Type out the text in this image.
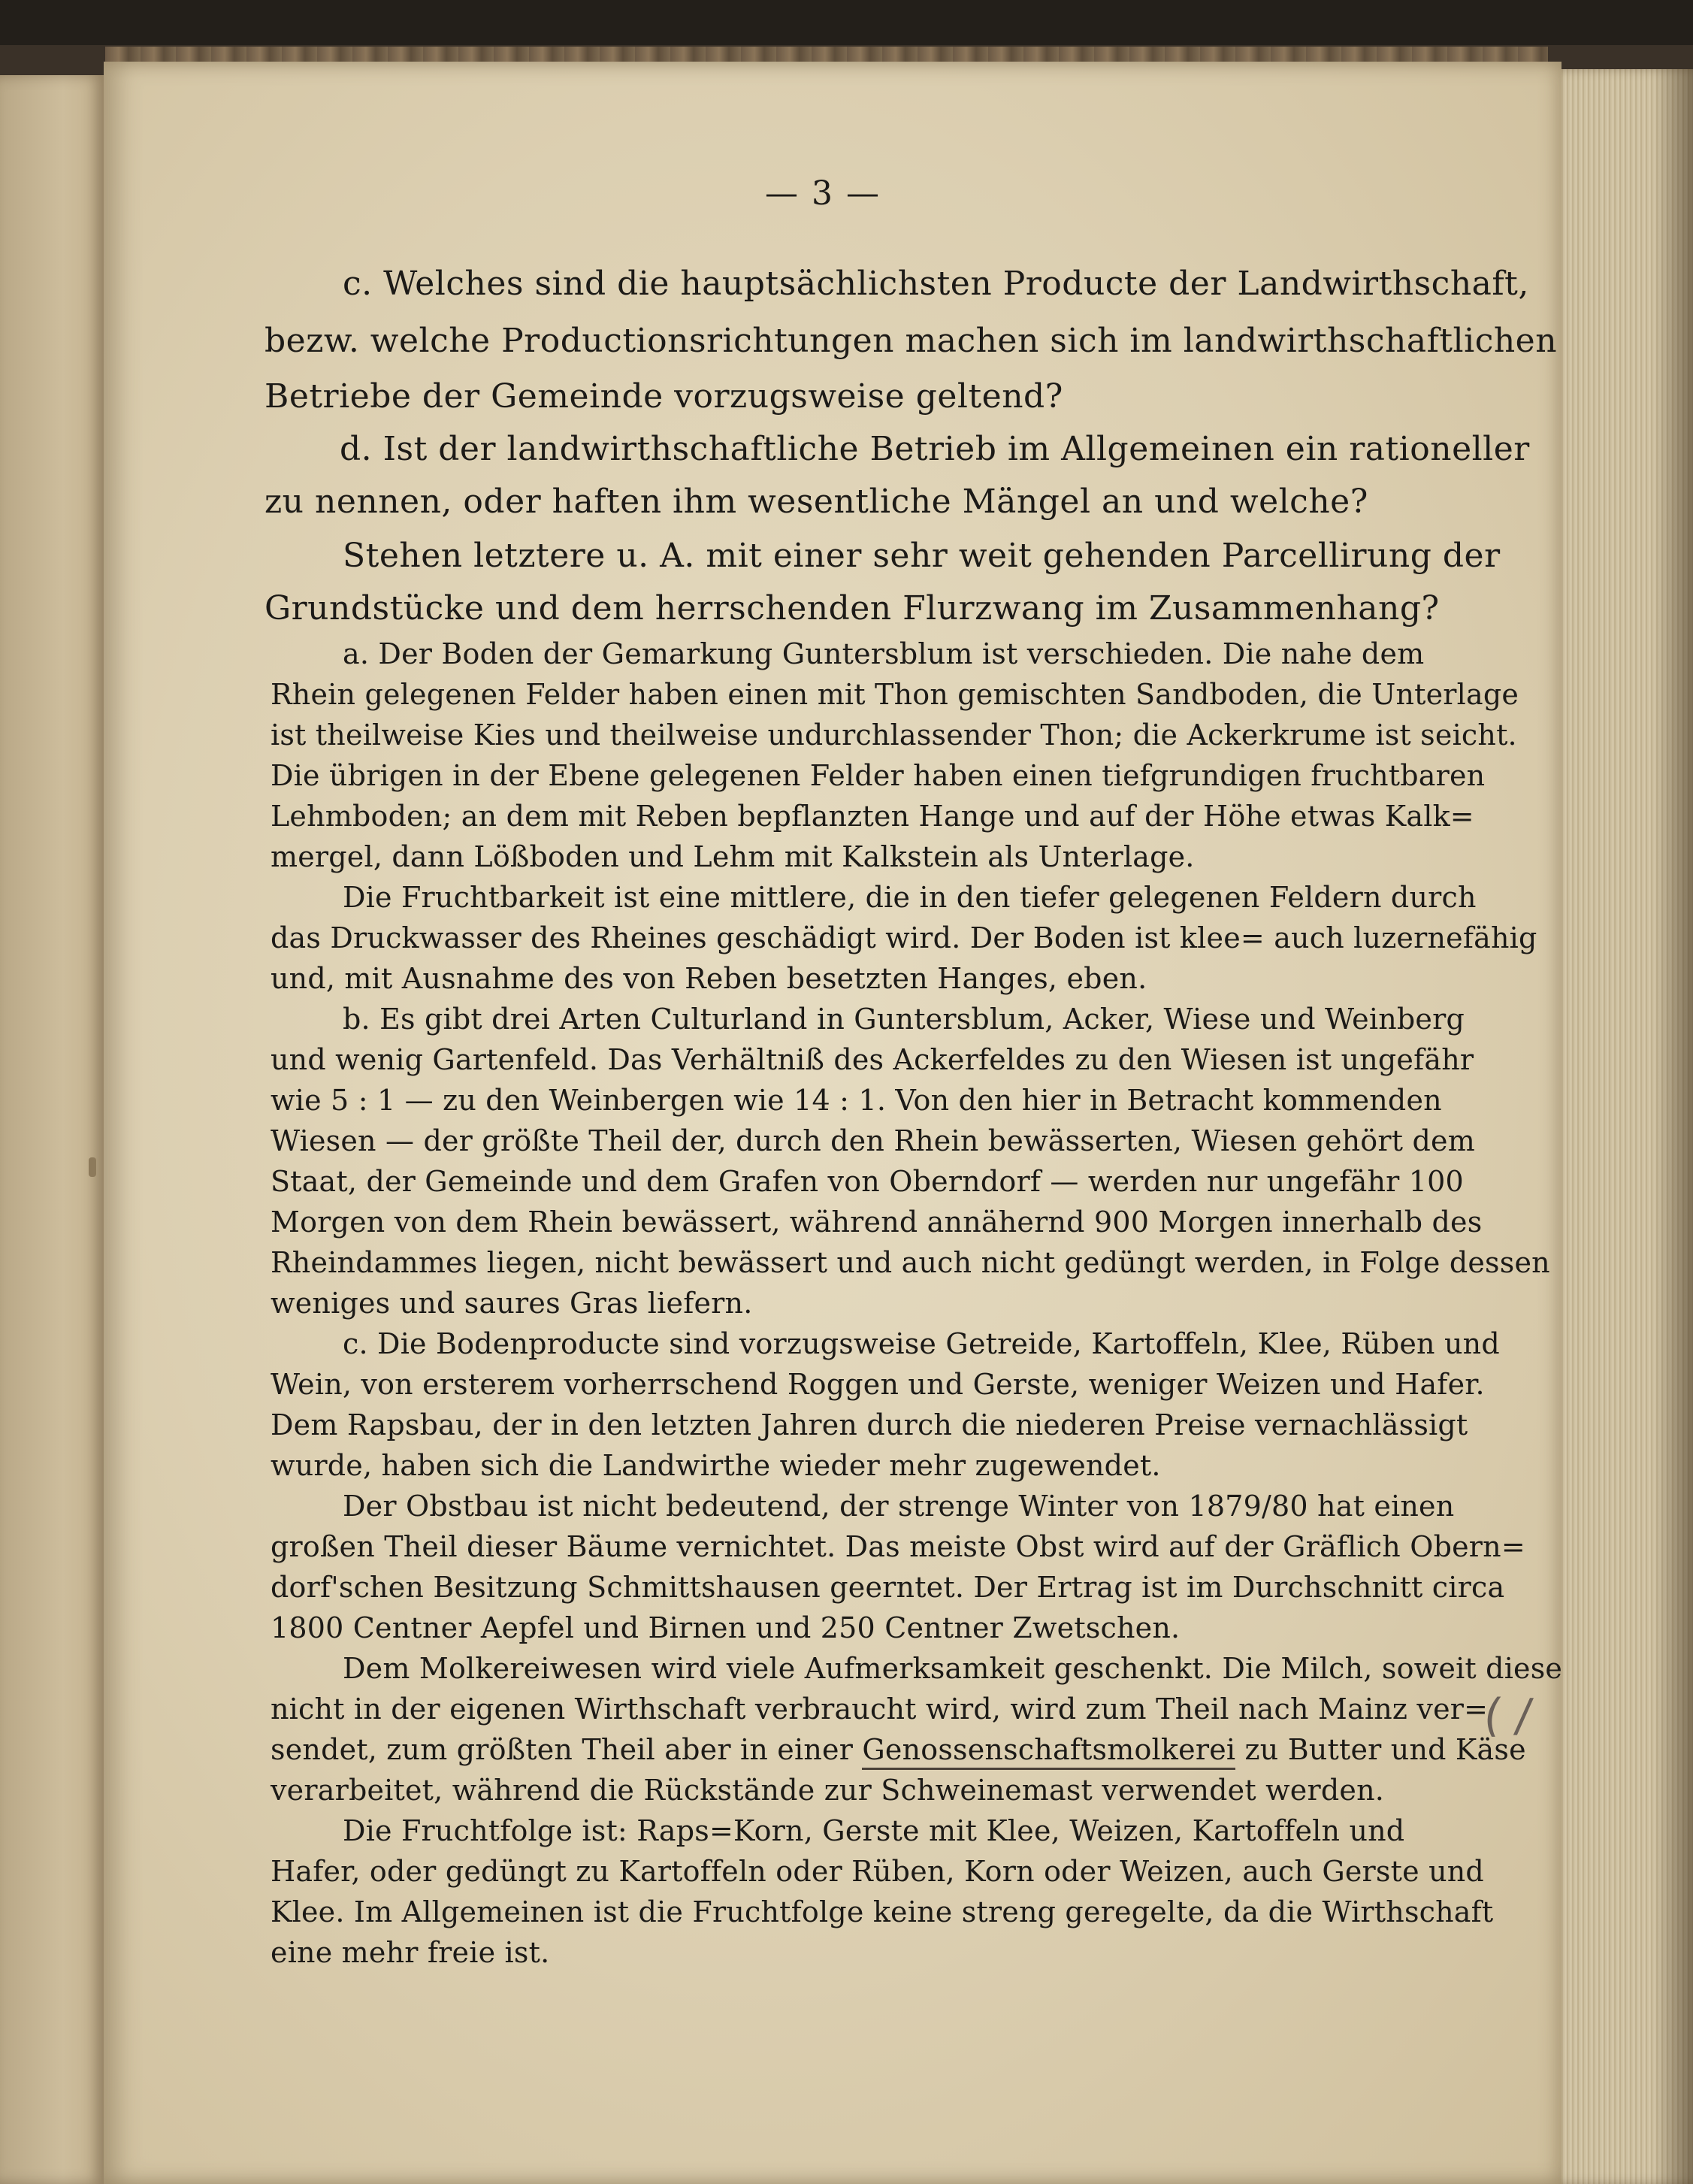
— 3 —

c. Welches sind die hauptsächlichsten Producte der Landwirthschaft,

bezw. welche Productionsrichtungen machen sich im landwirthschaftlichen

Betriebe der Gemeinde vorzugsweise geltend?

d. Ist der landwirthschaftliche Betrieb im Allgemeinen ein rationeller

zu nennen, oder haften ihm wesentliche Mängel an und welche?

Stehen letztere u. A. mit einer sehr weit gehenden Parcellirung der

Grundstücke und dem herrschenden Flurzwang im Zusammenhang?

a. Der Boden der Gemarkung Guntersblum ist verschieden. Die nahe dem

Rhein gelegenen Felder haben einen mit Thon gemischten Sandboden, die Unterlage

ist theilweise Kies und theilweise undurchlassender Thon; die Ackerkrume ist seicht.

Die übrigen in der Ebene gelegenen Felder haben einen tiefgrundigen fruchtbaren

Lehmboden; an dem mit Reben bepflanzten Hange und auf der Höhe etwas Kalk=

mergel, dann Lößboden und Lehm mit Kalkstein als Unterlage.

Die Fruchtbarkeit ist eine mittlere, die in den tiefer gelegenen Feldern durch

das Druckwasser des Rheines geschädigt wird. Der Boden ist klee= auch luzernefähig

und, mit Ausnahme des von Reben besetzten Hanges, eben.

b. Es gibt drei Arten Culturland in Guntersblum, Acker, Wiese und Weinberg

und wenig Gartenfeld. Das Verhältniß des Ackerfeldes zu den Wiesen ist ungefähr

wie 5 : 1 — zu den Weinbergen wie 14 : 1. Von den hier in Betracht kommenden

Wiesen — der größte Theil der, durch den Rhein bewässerten, Wiesen gehört dem

Staat, der Gemeinde und dem Grafen von Oberndorf — werden nur ungefähr 100

Morgen von dem Rhein bewässert, während annähernd 900 Morgen innerhalb des

Rheindammes liegen, nicht bewässert und auch nicht gedüngt werden, in Folge dessen

weniges und saures Gras liefern.

c. Die Bodenproducte sind vorzugsweise Getreide, Kartoffeln, Klee, Rüben und

Wein, von ersterem vorherrschend Roggen und Gerste, weniger Weizen und Hafer.

Dem Rapsbau, der in den letzten Jahren durch die niederen Preise vernachlässigt

wurde, haben sich die Landwirthe wieder mehr zugewendet.

Der Obstbau ist nicht bedeutend, der strenge Winter von 1879/80 hat einen

großen Theil dieser Bäume vernichtet. Das meiste Obst wird auf der Gräflich Obern=

dorf'schen Besitzung Schmittshausen geerntet. Der Ertrag ist im Durchschnitt circa

1800 Centner Aepfel und Birnen und 250 Centner Zwetschen.

Dem Molkereiwesen wird viele Aufmerksamkeit geschenkt. Die Milch, soweit diese

nicht in der eigenen Wirthschaft verbraucht wird, wird zum Theil nach Mainz ver=

sendet, zum größten Theil aber in einer Genossenschaftsmolkerei zu Butter und Käse

verarbeitet, während die Rückstände zur Schweinemast verwendet werden.

Die Fruchtfolge ist: Raps=Korn, Gerste mit Klee, Weizen, Kartoffeln und

Hafer, oder gedüngt zu Kartoffeln oder Rüben, Korn oder Weizen, auch Gerste und

Klee. Im Allgemeinen ist die Fruchtfolge keine streng geregelte, da die Wirthschaft

eine mehr freie ist.

( /
